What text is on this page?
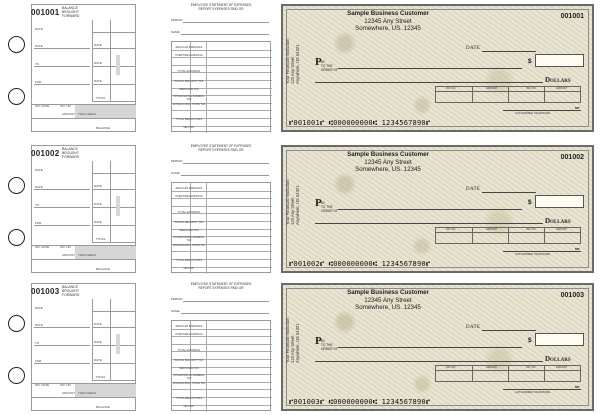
001001 BALANCE
BROUGHT
FORWARD
DATE
DATE
DATE
DATE
TOTAL
DATE
TO
FOR
INV. DATE	INV. NO.
AMOUNT THIS CHECK
BALANCE
EMPLOYEE STATEMENT OF EXPENSES
REPORT EXPENSES PAID OR
PERIOD
NAME
REGULAR EARNINGS
OVERTIME EARNINGS
TOTAL EARNINGS
SOCIAL SECURITY TAX
MEDICARE TAX
WITHHOLDING FEDERAL TAX
WITHHOLDING STATE TAX
TOTAL DEDUCTIONS
NET PAY
Your Financial Institution 123 Any Street Anywhere, US 54321
Sample Business Customer
12345 Any Street
Somewhere, US. 12345
001001
DATE
$
P AY
TO THE
ORDER OF
Dollars
INV. NO.	AMOUNT	INV. NO.	AMOUNT
MP
AUTHORIZED SIGNATURE
⑈001001⑈ ⑆000000000⑆ 1234567890⑈
001002 BALANCE
BROUGHT
FORWARD
DATE
DATE
DATE
DATE
TOTAL
DATE
TO
FOR
INV. DATE	INV. NO.
AMOUNT THIS CHECK
BALANCE
EMPLOYEE STATEMENT OF EXPENSES
REPORT EXPENSES PAID OR
PERIOD
NAME
REGULAR EARNINGS
OVERTIME EARNINGS
TOTAL EARNINGS
SOCIAL SECURITY TAX
MEDICARE TAX
WITHHOLDING FEDERAL TAX
WITHHOLDING STATE TAX
TOTAL DEDUCTIONS
NET PAY
Your Financial Institution 123 Any Street Anywhere, US 54321
Sample Business Customer
12345 Any Street
Somewhere, US. 12345
001002
DATE
$
P AY
TO THE
ORDER OF
Dollars
INV. NO.	AMOUNT	INV. NO.	AMOUNT
MP
AUTHORIZED SIGNATURE
⑈001002⑈ ⑆000000000⑆ 1234567890⑈
001003 BALANCE
BROUGHT
FORWARD
DATE
DATE
DATE
DATE
TOTAL
DATE
TO
FOR
INV. DATE	INV. NO.
AMOUNT THIS CHECK
BALANCE
EMPLOYEE STATEMENT OF EXPENSES
REPORT EXPENSES PAID OR
PERIOD
NAME
REGULAR EARNINGS
OVERTIME EARNINGS
TOTAL EARNINGS
SOCIAL SECURITY TAX
MEDICARE TAX
WITHHOLDING FEDERAL TAX
WITHHOLDING STATE TAX
TOTAL DEDUCTIONS
NET PAY
Your Financial Institution 123 Any Street Anywhere, US 54321
Sample Business Customer
12345 Any Street
Somewhere, US. 12345
001003
DATE
$
P AY
TO THE
ORDER OF
Dollars
INV. NO.	AMOUNT	INV. NO.	AMOUNT
MP
AUTHORIZED SIGNATURE
⑈001003⑈ ⑆000000000⑆ 1234567890⑈
